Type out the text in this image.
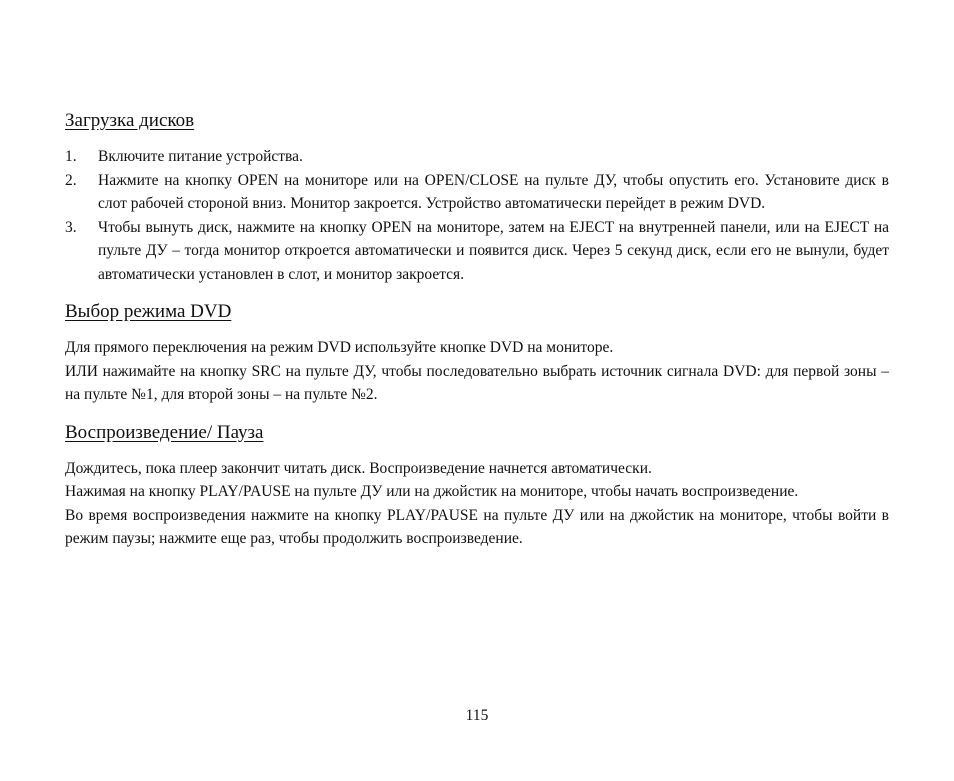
Загрузка дисков
1. Включите питание устройства.
2. Нажмите на кнопку OPEN на мониторе или на OPEN/CLOSE на пульте ДУ, чтобы опустить его. Установите диск в слот рабочей стороной вниз. Монитор закроется. Устройство автоматически перейдет в режим DVD.
3. Чтобы вынуть диск, нажмите на кнопку OPEN на мониторе, затем на EJECT на внутренней панели, или на EJECT на пульте ДУ – тогда монитор откроется автоматически и появится диск. Через 5 секунд диск, если его не вынули, будет автоматически установлен в слот, и монитор закроется.
Выбор режима DVD

Для прямого переключения на режим DVD используйте кнопке DVD на мониторе.

ИЛИ нажимайте на кнопку SRC на пульте ДУ, чтобы последовательно выбрать источник сигнала DVD: для первой зоны – на пульте №1, для второй зоны – на пульте №2.

Воспроизведение/ Пауза

Дождитесь, пока плеер закончит читать диск. Воспроизведение начнется автоматически.

Нажимая на кнопку PLAY/PAUSE на пульте ДУ или на джойстик на мониторе, чтобы начать воспроизведение.

Во время воспроизведения нажмите на кнопку PLAY/PAUSE на пульте ДУ или на джойстик на мониторе, чтобы войти в режим паузы; нажмите еще раз, чтобы продолжить воспроизведение.

115
